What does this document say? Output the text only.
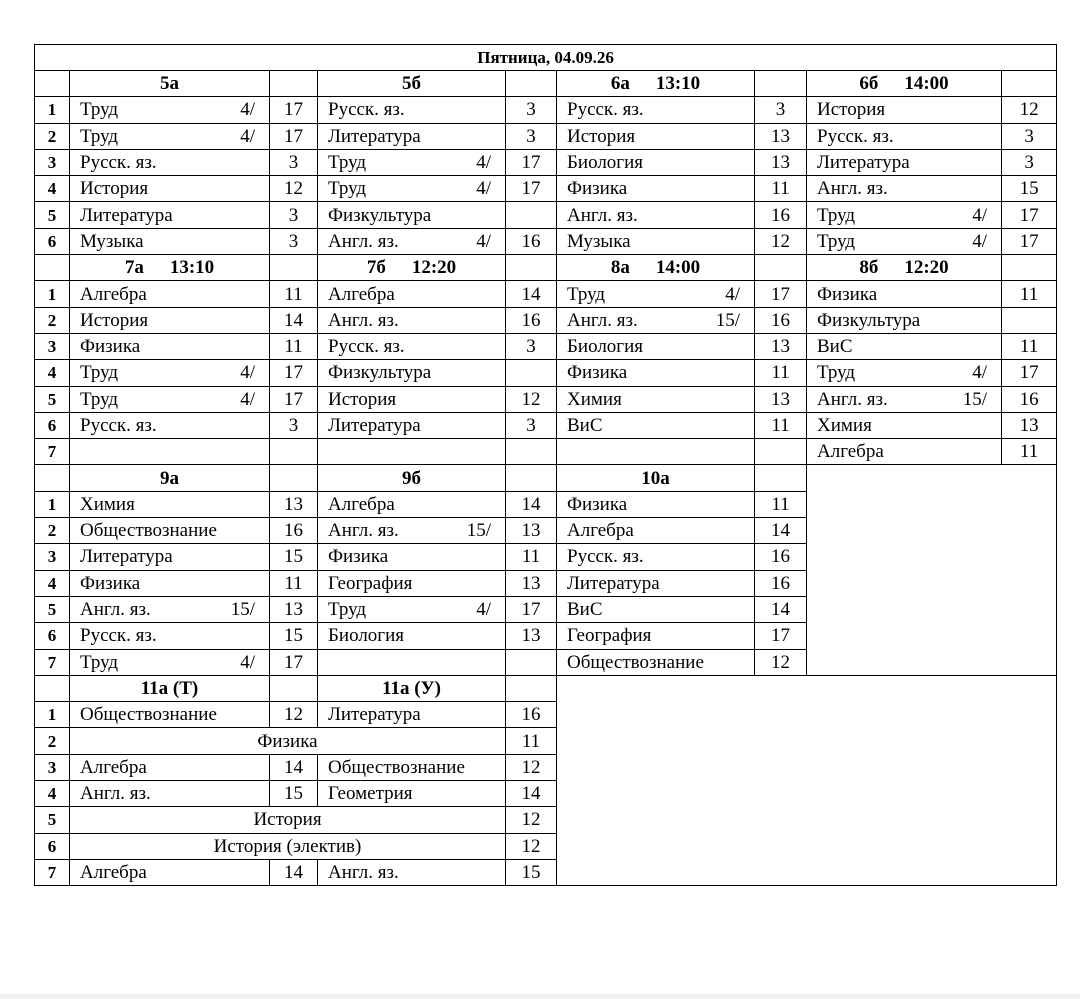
Пятница, 04.09.26								
	5а		5б		6а 13:10		6б 14:00	
1	Труд 4/	17	Русск. яз.	3	Русск. яз.	3	История	12
2	Труд 4/	17	Литература	3	История	13	Русск. яз.	3
3	Русск. яз.	3	Труд 4/	17	Биология	13	Литература	3
4	История	12	Труд 4/	17	Физика	11	Англ. яз.	15
5	Литература	3	Физкультура		Англ. яз.	16	Труд 4/	17
6	Музыка	3	Англ. яз. 4/	16	Музыка	12	Труд 4/	17
	7а 13:10		7б 12:20		8а 14:00		8б 12:20	
1	Алгебра	11	Алгебра	14	Труд 4/	17	Физика	11
2	История	14	Англ. яз.	16	Англ. яз. 15/	16	Физкультура	
3	Физика	11	Русск. яз.	3	Биология	13	ВиС	11
4	Труд 4/	17	Физкультура		Физика	11	Труд 4/	17
5	Труд 4/	17	История	12	Химия	13	Англ. яз. 15/	16
6	Русск. яз.	3	Литература	3	ВиС	11	Химия	13
7							Алгебра	11
	9а		9б		10а			
1	Химия	13	Алгебра	14	Физика	11		
2	Обществознание	16	Англ. яз. 15/	13	Алгебра	14		
3	Литература	15	Физика	11	Русск. яз.	16		
4	Физика	11	География	13	Литература	16		
5	Англ. яз. 15/	13	Труд 4/	17	ВиС	14		
6	Русск. яз.	15	Биология	13	География	17		
7	Труд 4/	17			Обществознание	12		
	11а (Т)		11а (У)					
1	Обществознание	12	Литература	16				
2	Физика			11				
3	Алгебра	14	Обществознание	12				
4	Англ. яз.	15	Геометрия	14				
5	История			12				
6	История (электив)			12				
7	Алгебра	14	Англ. яз.	15				
